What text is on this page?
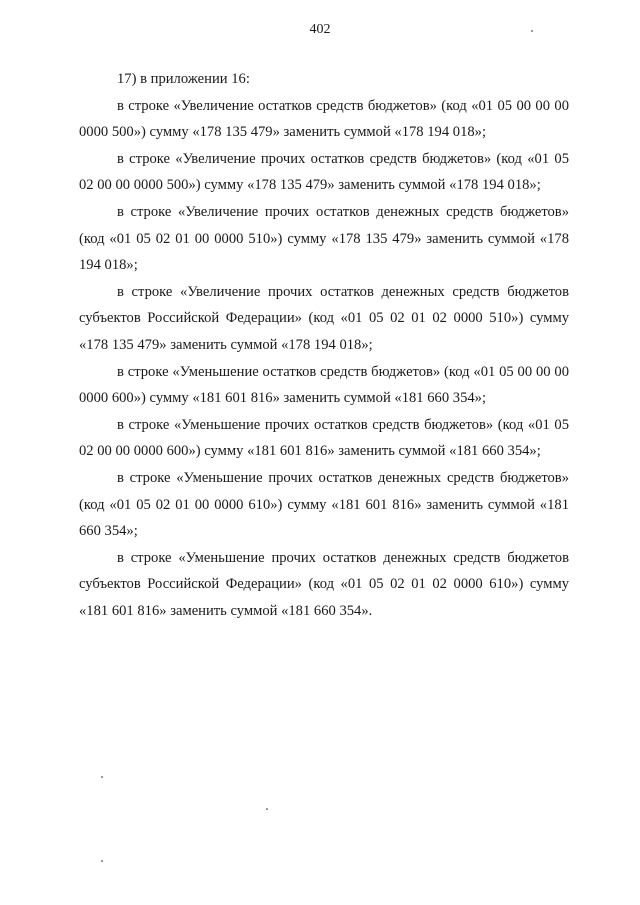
402

17) в приложении 16:

в строке «Увеличение остатков средств бюджетов» (код «01 05 00 00 00 0000 500») сумму «178 135 479» заменить суммой «178 194 018»;

в строке «Увеличение прочих остатков средств бюджетов» (код «01 05 02 00 00 0000 500») сумму «178 135 479» заменить суммой «178 194 018»;

в строке «Увеличение прочих остатков денежных средств бюджетов» (код «01 05 02 01 00 0000 510») сумму «178 135 479» заменить суммой «178 194 018»;

в строке «Увеличение прочих остатков денежных средств бюджетов субъектов Российской Федерации» (код «01 05 02 01 02 0000 510») сумму «178 135 479» заменить суммой «178 194 018»;

в строке «Уменьшение остатков средств бюджетов» (код «01 05 00 00 00 0000 600») сумму «181 601 816» заменить суммой «181 660 354»;

в строке «Уменьшение прочих остатков средств бюджетов» (код «01 05 02 00 00 0000 600») сумму «181 601 816» заменить суммой «181 660 354»;

в строке «Уменьшение прочих остатков денежных средств бюджетов» (код «01 05 02 01 00 0000 610») сумму «181 601 816» заменить суммой «181 660 354»;

в строке «Уменьшение прочих остатков денежных средств бюджетов субъектов Российской Федерации» (код «01 05 02 01 02 0000 610») сумму «181 601 816» заменить суммой «181 660 354».
